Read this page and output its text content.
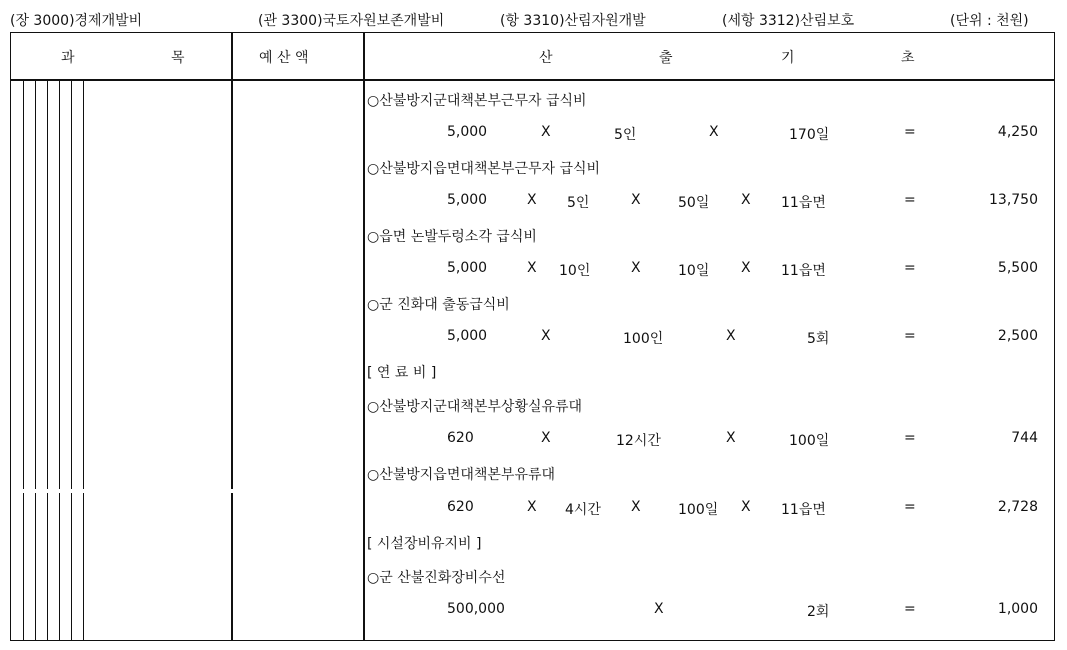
(장 3000)경제개발비	(관 3300)국토자원보존개발비	(항 3310)산림자원개발	(세항 3312)산림보호	(단위 : 천원)
과	목	예 산 액	산	출	기	초
○산불방지군대책본부근무자 급식비
5,000	X	5인	X	170일	=	4,250
○산불방지읍면대책본부근무자 급식비
5,000	X 5인	X	50일 X 11읍면	=	13,750
○읍면 논발두렁소각 급식비
5,000	X 10인	X	10일 X 11읍면	=	5,500
○군 진화대 출동급식비
5,000	X	100인	X	5회	=	2,500
[ 연 료 비 ]
○산불방지군대책본부상황실유류대
620	X	12시간	X	100일	=	744
○산불방지읍면대책본부유류대
620	X 4시간 X	100일 X 11읍면	=	2,728
[ 시설장비유지비 ]
○군 산불진화장비수선
500,000	X	2회	=	1,000
